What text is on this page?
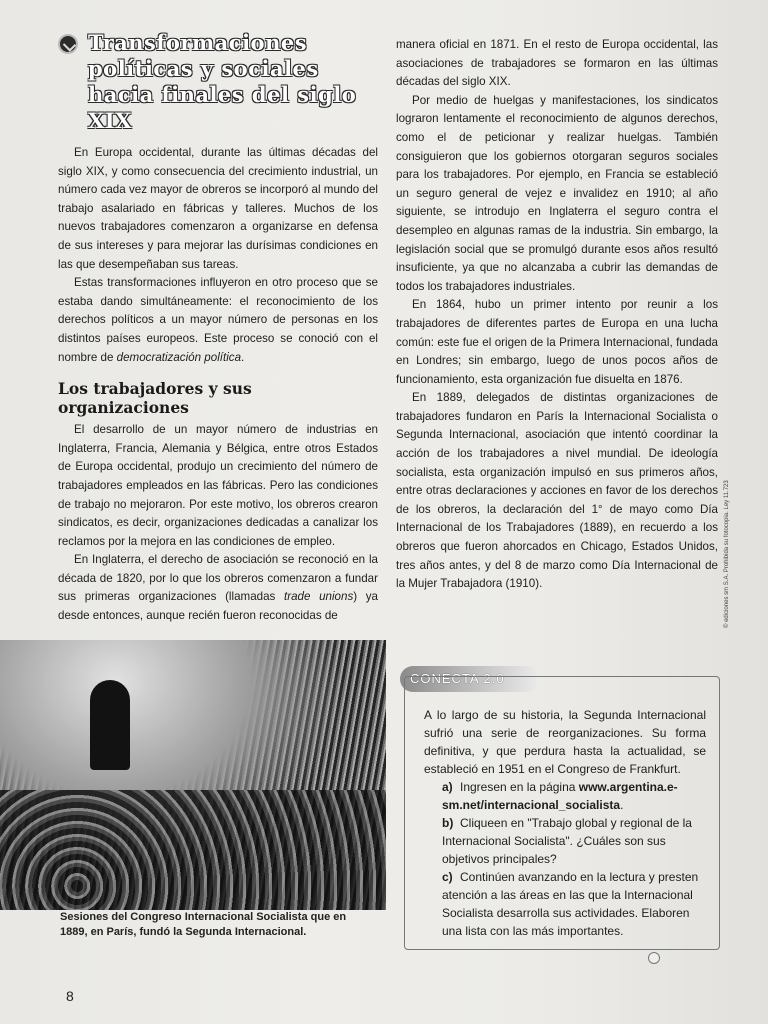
Transformaciones políticas y sociales hacia finales del siglo XIX

En Europa occidental, durante las últimas décadas del siglo XIX, y como consecuencia del crecimiento industrial, un número cada vez mayor de obreros se incorporó al mundo del trabajo asalariado en fábricas y talleres. Muchos de los nuevos trabajadores comenzaron a organizarse en defensa de sus intereses y para mejorar las durísimas condiciones en las que desempeñaban sus tareas.

Estas transformaciones influyeron en otro proceso que se estaba dando simultáneamente: el reconocimiento de los derechos políticos a un mayor número de personas en los distintos países europeos. Este proceso se conoció con el nombre de democratización política.

Los trabajadores y sus organizaciones

El desarrollo de un mayor número de industrias en Inglaterra, Francia, Alemania y Bélgica, entre otros Estados de Europa occidental, produjo un crecimiento del número de trabajadores empleados en las fábricas. Pero las condiciones de trabajo no mejoraron. Por este motivo, los obreros crearon sindicatos, es decir, organizaciones dedicadas a canalizar los reclamos por la mejora en las condiciones de empleo.

En Inglaterra, el derecho de asociación se reconoció en la década de 1820, por lo que los obreros comenzaron a fundar sus primeras organizaciones (llamadas trade unions) ya desde entonces, aunque recién fueron reconocidas de

manera oficial en 1871. En el resto de Europa occidental, las asociaciones de trabajadores se formaron en las últimas décadas del siglo XIX.

Por medio de huelgas y manifestaciones, los sindicatos lograron lentamente el reconocimiento de algunos derechos, como el de peticionar y realizar huelgas. También consiguieron que los gobiernos otorgaran seguros sociales para los trabajadores. Por ejemplo, en Francia se estableció un seguro general de vejez e invalidez en 1910; al año siguiente, se introdujo en Inglaterra el seguro contra el desempleo en algunas ramas de la industria. Sin embargo, la legislación social que se promulgó durante esos años resultó insuficiente, ya que no alcanzaba a cubrir las demandas de todos los trabajadores industriales.

En 1864, hubo un primer intento por reunir a los trabajadores de diferentes partes de Europa en una lucha común: este fue el origen de la Primera Internacional, fundada en Londres; sin embargo, luego de unos pocos años de funcionamiento, esta organización fue disuelta en 1876.

En 1889, delegados de distintas organizaciones de trabajadores fundaron en París la Internacional Socialista o Segunda Internacional, asociación que intentó coordinar la acción de los trabajadores a nivel mundial. De ideología socialista, esta organización impulsó en sus primeros años, entre otras declaraciones y acciones en favor de los derechos de los obreros, la declaración del 1° de mayo como Día Internacional de los Trabajadores (1889), en recuerdo a los obreros que fueron ahorcados en Chicago, Estados Unidos, tres años antes, y del 8 de marzo como Día Internacional de la Mujer Trabajadora (1910).

Sesiones del Congreso Internacional Socialista que en 1889, en París, fundó la Segunda Internacional.
CONECTA 2.0

A lo largo de su historia, la Segunda Internacional sufrió una serie de reorganizaciones. Su forma definitiva, y que perdura hasta la actualidad, se estableció en 1951 en el Congreso de Frankfurt.

a) Ingresen en la página www.argentina.e-sm.net/internacional_socialista.

b) Cliqueen en "Trabajo global y regional de la Internacional Socialista". ¿Cuáles son sus objetivos principales?

c) Continúen avanzando en la lectura y presten atención a las áreas en las que la Internacional Socialista desarrolla sus actividades. Elaboren una lista con las más importantes.

© ediciones sm S.A. Prohibida su fotocopia. Ley 11.723
8
